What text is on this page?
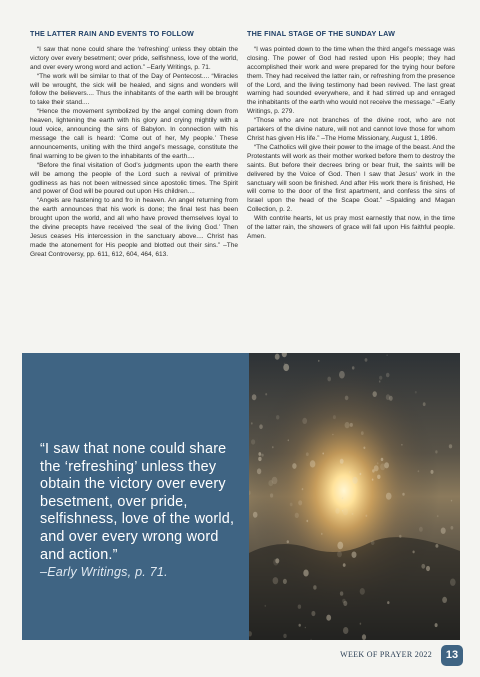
THE LATTER RAIN AND EVENTS TO FOLLOW

“I saw that none could share the ‘refreshing’ unless they obtain the victory over every besetment; over pride, selfishness, love of the world, and over every wrong word and action.” –Early Writings, p. 71.

“The work will be similar to that of the Day of Pentecost.... “Miracles will be wrought, the sick will be healed, and signs and wonders will follow the believers.... Thus the inhabitants of the earth will be brought to take their stand....

“Hence the movement symbolized by the angel coming down from heaven, lightening the earth with his glory and crying mightily with a loud voice, announcing the sins of Babylon. In connection with his message the call is heard: ‘Come out of her, My people.’ These announcements, uniting with the third angel’s message, constitute the final warning to be given to the inhabitants of the earth....

“Before the final visitation of God’s judgments upon the earth there will be among the people of the Lord such a revival of primitive godliness as has not been witnessed since apostolic times. The Spirit and power of God will be poured out upon His children....

“Angels are hastening to and fro in heaven. An angel returning from the earth announces that his work is done; the final test has been brought upon the world, and all who have proved themselves loyal to the divine precepts have received ‘the seal of the living God.’ Then Jesus ceases His intercession in the sanctuary above.... Christ has made the atonement for His people and blotted out their sins.” –The Great Controversy, pp. 611, 612, 604, 464, 613.

THE FINAL STAGE OF THE SUNDAY LAW

“I was pointed down to the time when the third angel’s message was closing. The power of God had rested upon His people; they had accomplished their work and were prepared for the trying hour before them. They had received the latter rain, or refreshing from the presence of the Lord, and the living testimony had been revived. The last great warning had sounded everywhere, and it had stirred up and enraged the inhabitants of the earth who would not receive the message.” –Early Writings, p. 279.

“Those who are not branches of the divine root, who are not partakers of the divine nature, will not and cannot love those for whom Christ has given His life.” –The Home Missionary, August 1, 1896.

“The Catholics will give their power to the image of the beast. And the Protestants will work as their mother worked before them to destroy the saints. But before their decrees bring or bear fruit, the saints will be delivered by the Voice of God. Then I saw that Jesus’ work in the sanctuary will soon be finished. And after His work there is finished, He will come to the door of the first apartment, and confess the sins of Israel upon the head of the Scape Goat.” –Spalding and Magan Collection, p. 2.

With contrite hearts, let us pray most earnestly that now, in the time of the latter rain, the showers of grace will fall upon His faithful people. Amen.

“I saw that none could share the ‘refreshing’ unless they obtain the victory over every besetment, over pride, selfishness, love of the world, and over every wrong word and action.”
–Early Writings, p. 71.
WEEK OF PRAYER 2022	13
